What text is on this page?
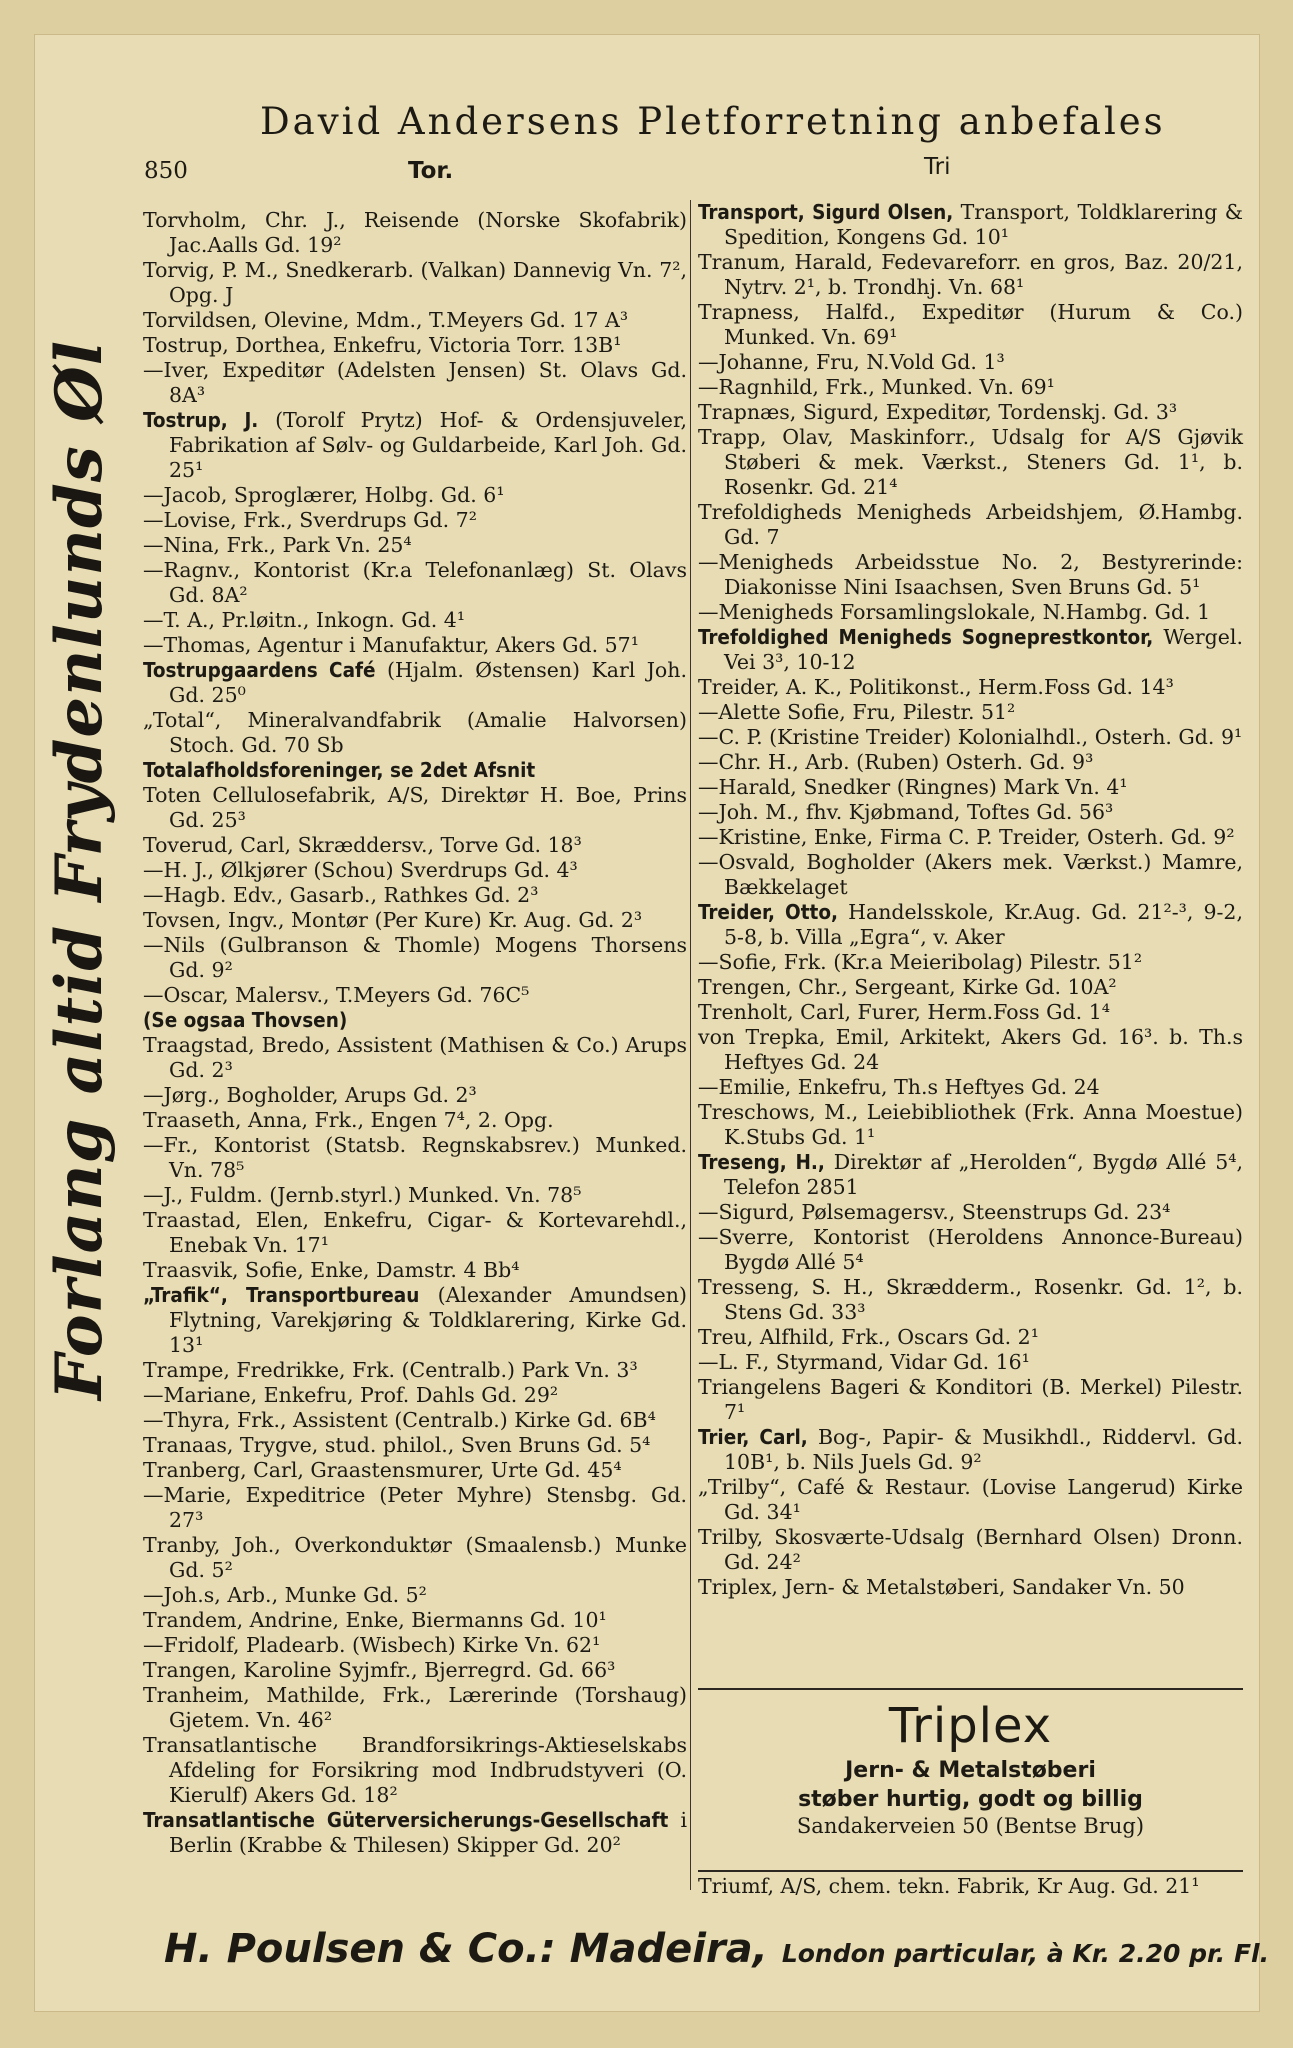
David Andersens Pletforretning anbefales
850	Tor.	Tri
Forlang altid Frydenlunds Øl

Torvholm, Chr. J., Reisende (Norske Skofabrik) Jac.Aalls Gd. 19²

Torvig, P. M., Snedkerarb. (Valkan) Dannevig Vn. 7², Opg. J

Torvildsen, Olevine, Mdm., T.Meyers Gd. 17 A³

Tostrup, Dorthea, Enkefru, Victoria Torr. 13B¹

—Iver, Expeditør (Adelsten Jensen) St. Olavs Gd. 8A³

Tostrup, J. (Torolf Prytz) Hof- & Ordensjuveler, Fabrikation af Sølv- og Guldarbeide, Karl Joh. Gd. 25¹

—Jacob, Sproglærer, Holbg. Gd. 6¹

—Lovise, Frk., Sverdrups Gd. 7²

—Nina, Frk., Park Vn. 25⁴

—Ragnv., Kontorist (Kr.a Telefonanlæg) St. Olavs Gd. 8A²

—T. A., Pr.løitn., Inkogn. Gd. 4¹

—Thomas, Agentur i Manufaktur, Akers Gd. 57¹

Tostrupgaardens Café (Hjalm. Østensen) Karl Joh. Gd. 25⁰

„Total“, Mineralvandfabrik (Amalie Halvorsen) Stoch. Gd. 70 Sb

Totalafholdsforeninger, se 2det Afsnit

Toten Cellulosefabrik, A/S, Direktør H. Boe, Prins Gd. 25³

Toverud, Carl, Skræddersv., Torve Gd. 18³

—H. J., Ølkjører (Schou) Sverdrups Gd. 4³

—Hagb. Edv., Gasarb., Rathkes Gd. 2³

Tovsen, Ingv., Montør (Per Kure) Kr. Aug. Gd. 2³

—Nils (Gulbranson & Thomle) Mogens Thorsens Gd. 9²

—Oscar, Malersv., T.Meyers Gd. 76C⁵

(Se ogsaa Thovsen)

Traagstad, Bredo, Assistent (Mathisen & Co.) Arups Gd. 2³

—Jørg., Bogholder, Arups Gd. 2³

Traaseth, Anna, Frk., Engen 7⁴, 2. Opg.

—Fr., Kontorist (Statsb. Regnskabsrev.) Munked. Vn. 78⁵

—J., Fuldm. (Jernb.styrl.) Munked. Vn. 78⁵

Traastad, Elen, Enkefru, Cigar- & Kortevarehdl., Enebak Vn. 17¹

Traasvik, Sofie, Enke, Damstr. 4 Bb⁴

„Trafik“, Transportbureau (Alexander Amundsen) Flytning, Varekjøring & Toldklarering, Kirke Gd. 13¹

Trampe, Fredrikke, Frk. (Centralb.) Park Vn. 3³

—Mariane, Enkefru, Prof. Dahls Gd. 29²

—Thyra, Frk., Assistent (Centralb.) Kirke Gd. 6B⁴

Tranaas, Trygve, stud. philol., Sven Bruns Gd. 5⁴

Tranberg, Carl, Graastensmurer, Urte Gd. 45⁴

—Marie, Expeditrice (Peter Myhre) Stensbg. Gd. 27³

Tranby, Joh., Overkonduktør (Smaalensb.) Munke Gd. 5²

—Joh.s, Arb., Munke Gd. 5²

Trandem, Andrine, Enke, Biermanns Gd. 10¹

—Fridolf, Pladearb. (Wisbech) Kirke Vn. 62¹

Trangen, Karoline Syjmfr., Bjerregrd. Gd. 66³

Tranheim, Mathilde, Frk., Lærerinde (Torshaug) Gjetem. Vn. 46²

Transatlantische Brandforsikrings-Aktieselskabs Afdeling for Forsikring mod Indbrudstyveri (O. Kierulf) Akers Gd. 18²

Transatlantische Güterversicherungs-Gesellschaft i Berlin (Krabbe & Thilesen) Skipper Gd. 20²

Transport, Sigurd Olsen, Transport, Toldklarering & Spedition, Kongens Gd. 10¹

Tranum, Harald, Fedevareforr. en gros, Baz. 20/21, Nytrv. 2¹, b. Trondhj. Vn. 68¹

Trapness, Halfd., Expeditør (Hurum & Co.) Munked. Vn. 69¹

—Johanne, Fru, N.Vold Gd. 1³

—Ragnhild, Frk., Munked. Vn. 69¹

Trapnæs, Sigurd, Expeditør, Tordenskj. Gd. 3³

Trapp, Olav, Maskinforr., Udsalg for A/S Gjøvik Støberi & mek. Værkst., Steners Gd. 1¹, b. Rosenkr. Gd. 21⁴

Trefoldigheds Menigheds Arbeidshjem, Ø.Hambg. Gd. 7

—Menigheds Arbeidsstue No. 2, Bestyrerinde: Diakonisse Nini Isaachsen, Sven Bruns Gd. 5¹

—Menigheds Forsamlingslokale, N.Hambg. Gd. 1

Trefoldighed Menigheds Sogneprestkontor, Wergel. Vei 3³, 10-12

Treider, A. K., Politikonst., Herm.Foss Gd. 14³

—Alette Sofie, Fru, Pilestr. 51²

—C. P. (Kristine Treider) Kolonialhdl., Osterh. Gd. 9¹

—Chr. H., Arb. (Ruben) Osterh. Gd. 9³

—Harald, Snedker (Ringnes) Mark Vn. 4¹

—Joh. M., fhv. Kjøbmand, Toftes Gd. 56³

—Kristine, Enke, Firma C. P. Treider, Osterh. Gd. 9²

—Osvald, Bogholder (Akers mek. Værkst.) Mamre, Bækkelaget

Treider, Otto, Handelsskole, Kr.Aug. Gd. 21²-³, 9-2, 5-8, b. Villa „Egra“, v. Aker

—Sofie, Frk. (Kr.a Meieribolag) Pilestr. 51²

Trengen, Chr., Sergeant, Kirke Gd. 10A²

Trenholt, Carl, Furer, Herm.Foss Gd. 1⁴

von Trepka, Emil, Arkitekt, Akers Gd. 16³. b. Th.s Heftyes Gd. 24

—Emilie, Enkefru, Th.s Heftyes Gd. 24

Treschows, M., Leiebibliothek (Frk. Anna Moestue) K.Stubs Gd. 1¹

Treseng, H., Direktør af „Herolden“, Bygdø Allé 5⁴, Telefon 2851

—Sigurd, Pølsemagersv., Steenstrups Gd. 23⁴

—Sverre, Kontorist (Heroldens Annonce-Bureau) Bygdø Allé 5⁴

Tresseng, S. H., Skrædderm., Rosenkr. Gd. 1², b. Stens Gd. 33³

Treu, Alfhild, Frk., Oscars Gd. 2¹

—L. F., Styrmand, Vidar Gd. 16¹

Triangelens Bageri & Konditori (B. Merkel) Pilestr. 7¹

Trier, Carl, Bog-, Papir- & Musikhdl., Riddervl. Gd. 10B¹, b. Nils Juels Gd. 9²

„Trilby“, Café & Restaur. (Lovise Langerud) Kirke Gd. 34¹

Trilby, Skosværte-Udsalg (Bernhard Olsen) Dronn. Gd. 24²

Triplex, Jern- & Metalstøberi, Sandaker Vn. 50

Triplex
Jern- & Metalstøberi
støber hurtig, godt og billig
Sandakerveien 50 (Bentse Brug)
Triumf, A/S, chem. tekn. Fabrik, Kr Aug. Gd. 21¹
H. Poulsen & Co.: Madeira, London particular, à Kr. 2.20 pr. Fl.
